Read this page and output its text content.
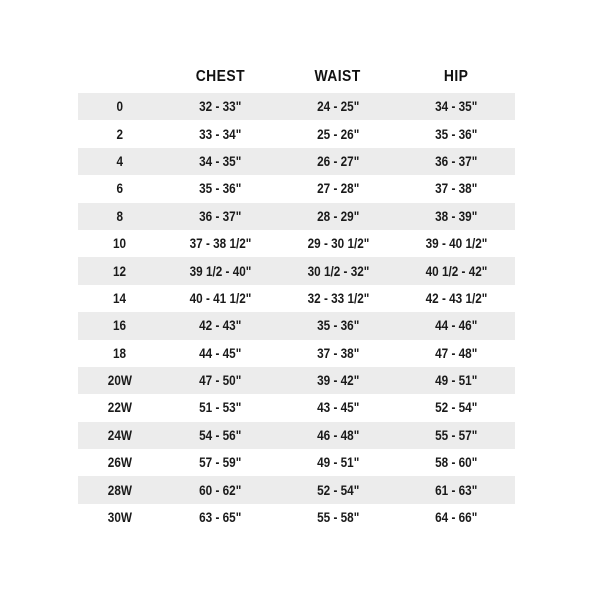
	CHEST	WAIST	HIP
0	32 - 33"	24 - 25"	34 - 35"
2	33 - 34"	25 - 26"	35 - 36"
4	34 - 35"	26 - 27"	36 - 37"
6	35 - 36"	27 - 28"	37 - 38"
8	36 - 37"	28 - 29"	38 - 39"
10	37 - 38 1/2"	29 - 30 1/2"	39 - 40 1/2"
12	39 1/2 - 40"	30 1/2 - 32"	40 1/2 - 42"
14	40 - 41 1/2"	32 - 33 1/2"	42 - 43 1/2"
16	42 - 43"	35 - 36"	44 - 46"
18	44 - 45"	37 - 38"	47 - 48"
20W	47 - 50"	39 - 42"	49 - 51"
22W	51 - 53"	43 - 45"	52 - 54"
24W	54 - 56"	46 - 48"	55 - 57"
26W	57 - 59"	49 - 51"	58 - 60"
28W	60 - 62"	52 - 54"	61 - 63"
30W	63 - 65"	55 - 58"	64 - 66"
